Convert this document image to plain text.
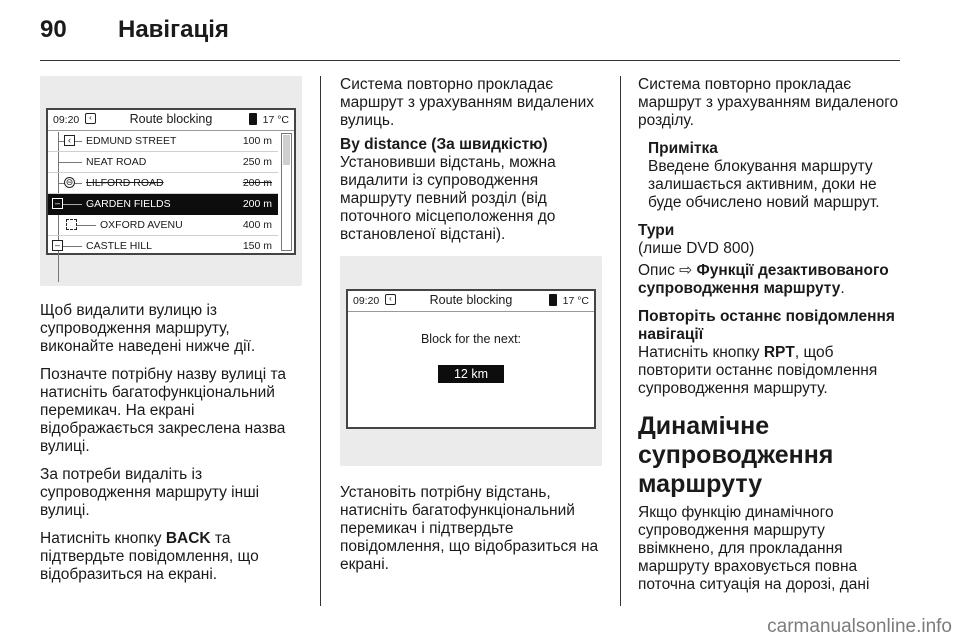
90 Навігація
09:20	‹	Route blocking	17 °C
‹	EDMUND STREET	100 m
NEAT ROAD	250 m
⊖ LILFORD ROAD	200 m
– GARDEN FIELDS	200 m
OXFORD AVENU	400 m
– CASTLE HILL	150 m

Щоб видалити вулицю із супроводження маршруту, виконайте наведені нижче дії.

Позначте потрібну назву вулиці та натисніть багатофункціональний перемикач. На екрані відображається закреслена назва вулиці.

За потреби видаліть із супроводження маршруту інші вулиці.

Натисніть кнопку BACK та підтвердьте повідомлення, що відобразиться на екрані.

Система повторно прокладає маршрут з урахуванням видалених вулиць.

By distance (За швидкістю)

Установивши відстань, можна видалити із супроводження маршруту певний розділ (від поточного місцеположення до встановленої відстані).

09:20	‹	Route blocking	17 °C
Block for the next:
12 km

Установіть потрібну відстань, натисніть багатофункціональний перемикач і підтвердьте повідомлення, що відобразиться на екрані.

Система повторно прокладає маршрут з урахуванням видаленого розділу.

Примітка

Введене блокування маршруту залишається активним, доки не буде обчислено новий маршрут.

Тури

(лише DVD 800)

Опис ⇨ Функції дезактивованого супроводження маршруту.

Повторіть останнє повідомлення навігації

Натисніть кнопку RPT, щоб повторити останнє повідомлення супроводження маршруту.

Динамічне супроводження маршруту

Якщо функцію динамічного супроводження маршруту ввімкнено, для прокладання маршруту враховується повна поточна ситуація на дорозі, дані

carmanualsonline.info
